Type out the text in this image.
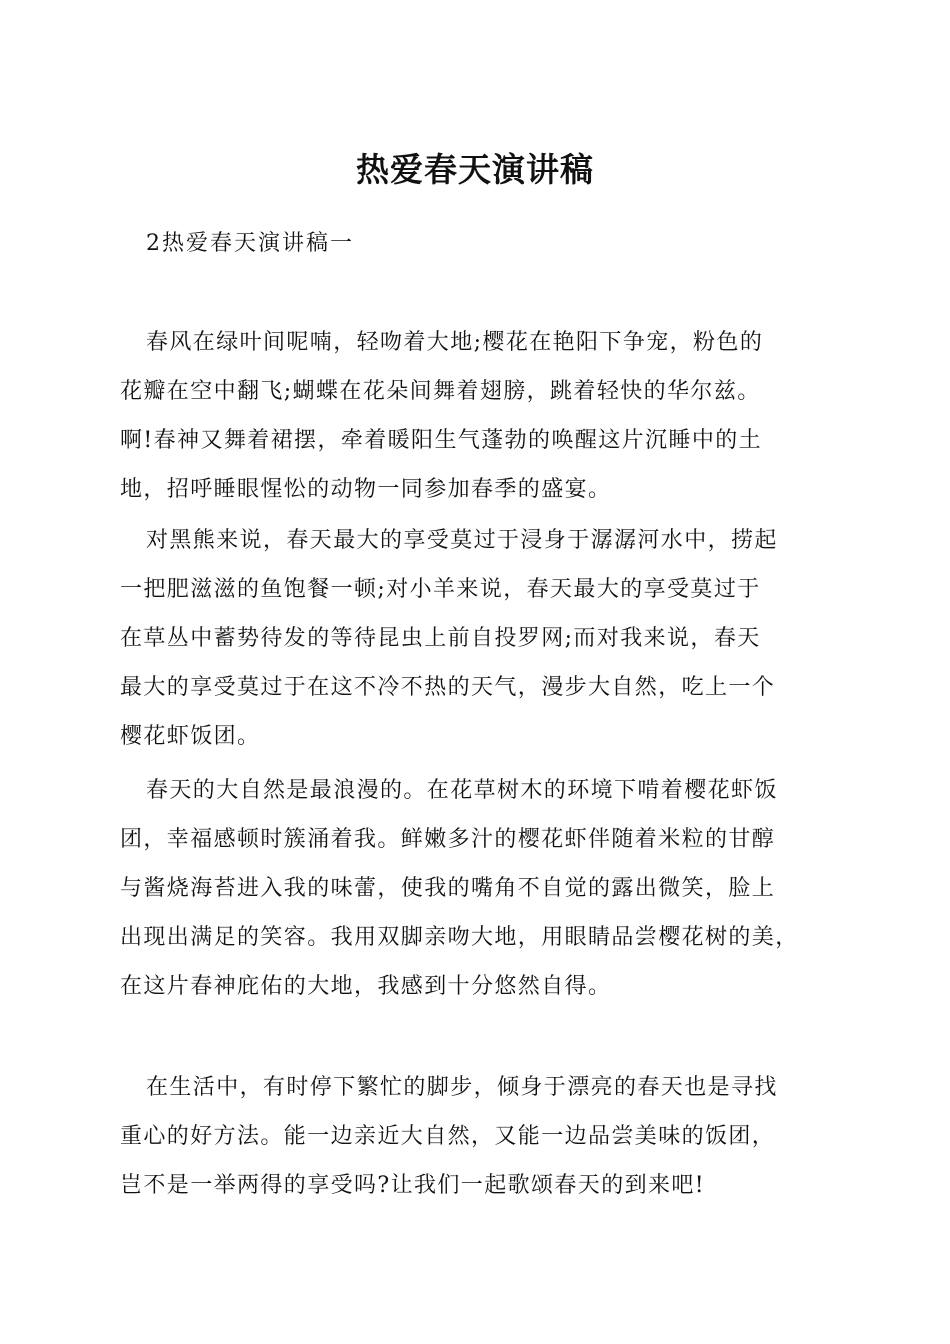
热爱春天演讲稿
2热爱春天演讲稿一
春风在绿叶间呢喃，轻吻着大地;樱花在艳阳下争宠，粉色的
花瓣在空中翻飞;蝴蝶在花朵间舞着翅膀，跳着轻快的华尔兹。
啊!春神又舞着裙摆，牵着暖阳生气蓬勃的唤醒这片沉睡中的土
地，招呼睡眼惺忪的动物一同参加春季的盛宴。
对黑熊来说，春天最大的享受莫过于浸身于潺潺河水中，捞起
一把肥滋滋的鱼饱餐一顿;对小羊来说，春天最大的享受莫过于
在草丛中蓄势待发的等待昆虫上前自投罗网;而对我来说，春天
最大的享受莫过于在这不冷不热的天气，漫步大自然，吃上一个
樱花虾饭团。
春天的大自然是最浪漫的。在花草树木的环境下啃着樱花虾饭
团，幸福感顿时簇涌着我。鲜嫩多汁的樱花虾伴随着米粒的甘醇
与酱烧海苔进入我的味蕾，使我的嘴角不自觉的露出微笑，脸上
出现出满足的笑容。我用双脚亲吻大地，用眼睛品尝樱花树的美，
在这片春神庇佑的大地，我感到十分悠然自得。
在生活中，有时停下繁忙的脚步，倾身于漂亮的春天也是寻找
重心的好方法。能一边亲近大自然，又能一边品尝美味的饭团，
岂不是一举两得的享受吗?让我们一起歌颂春天的到来吧!
